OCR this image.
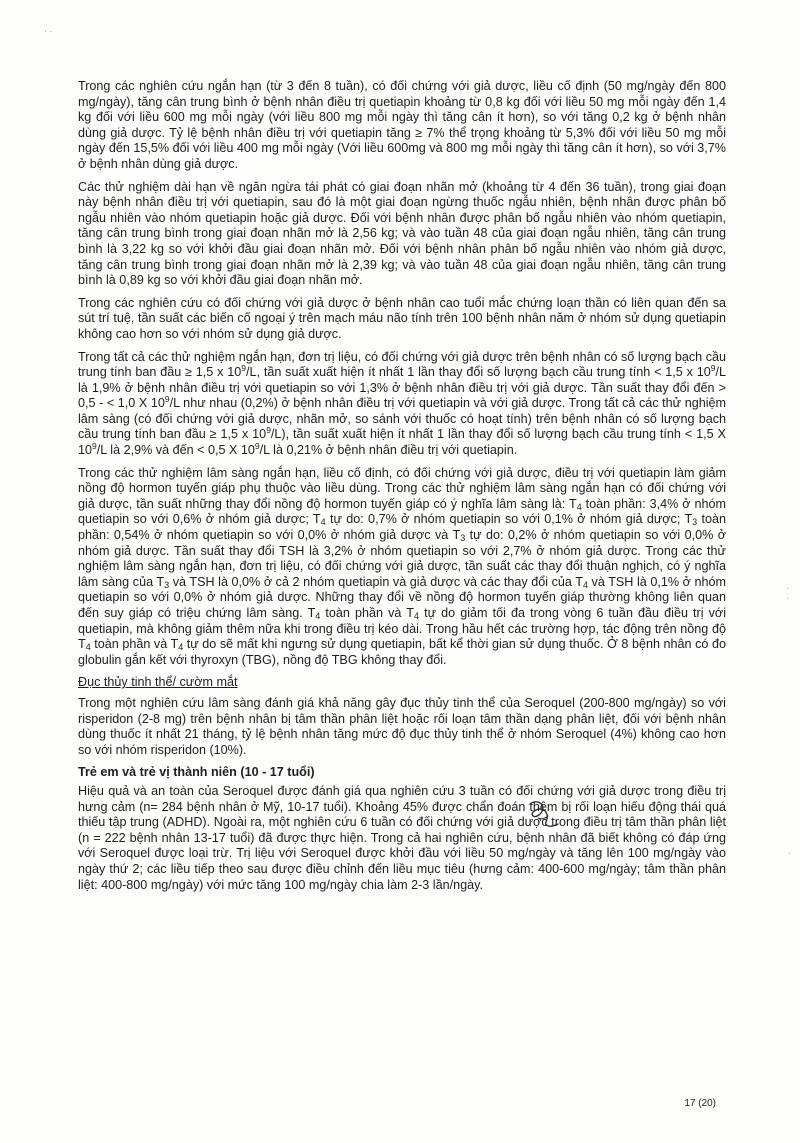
Trong các nghiên cứu ngắn hạn (từ 3 đến 8 tuần), có đối chứng với giả dược, liều cố định (50 mg/ngày đến 800 mg/ngày), tăng cân trung bình ở bệnh nhân điều trị quetiapin khoảng từ 0,8 kg đối với liều 50 mg mỗi ngày đến 1,4 kg đối với liều 600 mg mỗi ngày (với liều 800 mg mỗi ngày thì tăng cân ít hơn), so với tăng 0,2 kg ở bệnh nhân dùng giả dược. Tỷ lệ bệnh nhân điều trị với quetiapin tăng ≥ 7% thể trọng khoảng từ 5,3% đối với liều 50 mg mỗi ngày đến 15,5% đối với liều 400 mg mỗi ngày (Với liều 600mg và 800 mg mỗi ngày thì tăng cân ít hơn), so với 3,7% ở bệnh nhân dùng giả dược.

Các thử nghiệm dài hạn về ngăn ngừa tái phát có giai đoạn nhãn mở (khoảng từ 4 đến 36 tuần), trong giai đoạn này bệnh nhân điều trị với quetiapin, sau đó là một giai đoạn ngừng thuốc ngẫu nhiên, bệnh nhân được phân bố ngẫu nhiên vào nhóm quetiapin hoặc giả dược. Đối với bệnh nhân được phân bố ngẫu nhiên vào nhóm quetiapin, tăng cân trung bình trong giai đoạn nhãn mở là 2,56 kg; và vào tuần 48 của giai đoạn ngẫu nhiên, tăng cân trung bình là 3,22 kg so với khởi đầu giai đoạn nhãn mở. Đối với bệnh nhân phân bố ngẫu nhiên vào nhóm giả dược, tăng cân trung bình trong giai đoạn nhãn mở là 2,39 kg; và vào tuần 48 của giai đoạn ngẫu nhiên, tăng cân trung bình là 0,89 kg so với khởi đầu giai đoạn nhãn mở.

Trong các nghiên cứu có đối chứng với giả dược ở bệnh nhân cao tuổi mắc chứng loạn thần có liên quan đến sa sút trí tuệ, tần suất các biến cố ngoại ý trên mạch máu não tính trên 100 bệnh nhân năm ở nhóm sử dụng quetiapin không cao hơn so với nhóm sử dụng giả dược.

Trong tất cả các thử nghiệm ngắn hạn, đơn trị liệu, có đối chứng với giả dược trên bệnh nhân có số lượng bạch cầu trung tính ban đầu ≥ 1,5 x $10^9/L$, tần suất xuất hiện ít nhất 1 lần thay đổi số lượng bạch cầu trung tính < 1,5 x $10^9/L$ là 1,9% ở bệnh nhân điều trị với quetiapin so với 1,3% ở bệnh nhân điều trị với giả dược. Tần suất thay đổi đến > 0,5 - < 1,0 X $10^9/L$ như nhau (0,2%) ở bệnh nhân điều trị với quetiapin và với giả dược. Trong tất cả các thử nghiệm lâm sàng (có đối chứng với giả dược, nhãn mở, so sánh với thuốc có hoạt tính) trên bệnh nhân có số lượng bạch cầu trung tính ban đầu ≥ 1,5 x $10^9/L$), tần suất xuất hiện ít nhất 1 lần thay đổi số lượng bạch cầu trung tính < 1,5 X $10^9/L$ là 2,9% và đến < 0,5 X $10^9/L$ là 0,21% ở bệnh nhân điều trị với quetiapin.

Trong các thử nghiệm lâm sàng ngắn hạn, liều cố định, có đối chứng với giả dược, điều trị với quetiapin làm giảm nồng độ hormon tuyến giáp phụ thuộc vào liều dùng. Trong các thử nghiệm lâm sàng ngắn hạn có đối chứng với giả dược, tần suất những thay đổi nồng độ hormon tuyến giáp có ý nghĩa lâm sàng là: $T_4$ toàn phần: 3,4% ở nhóm quetiapin so với 0,6% ở nhóm giả dược; $T_4$ tự do: 0,7% ở nhóm quetiapin so với 0,1% ở nhóm giả dược; $T_3$ toàn phần: 0,54% ở nhóm quetiapin so với 0,0% ở nhóm giả dược và $T_3$ tự do: 0,2% ở nhóm quetiapin so với 0,0% ở nhóm giả dược. Tần suất thay đổi TSH là 3,2% ở nhóm quetiapin so với 2,7% ở nhóm giả dược. Trong các thử nghiệm lâm sàng ngắn hạn, đơn trị liệu, có đối chứng với giả dược, tần suất các thay đổi thuận nghịch, có ý nghĩa lâm sàng của $T_3$ và TSH là 0,0% ở cả 2 nhóm quetiapin và giả dược và các thay đổi của $T_4$ và TSH là 0,1% ở nhóm quetiapin so với 0,0% ở nhóm giả dược. Những thay đổi về nồng độ hormon tuyến giáp thường không liên quan đến suy giáp có triệu chứng lâm sàng. $T_4$ toàn phần và $T_4$ tự do giảm tối đa trong vòng 6 tuần đầu điều trị với quetiapin, mà không giảm thêm nữa khi trong điều trị kéo dài. Trong hầu hết các trường hợp, tác động trên nồng độ $T_4$ toàn phần và $T_4$ tự do sẽ mất khi ngưng sử dụng quetiapin, bất kể thời gian sử dụng thuốc. Ở 8 bệnh nhân có đo globulin gắn kết với thyroxyn (TBG), nồng độ TBG không thay đổi.

Đục thủy tinh thể/ cườm mắt

Trong một nghiên cứu lâm sàng đánh giá khả năng gây đục thủy tinh thể của Seroquel (200-800 mg/ngày) so với risperidon (2-8 mg) trên bệnh nhân bị tâm thần phân liệt hoặc rối loạn tâm thần dạng phân liệt, đối với bệnh nhân dùng thuốc ít nhất 21 tháng, tỷ lệ bệnh nhân tăng mức độ đục thủy tinh thể ở nhóm Seroquel (4%) không cao hơn so với nhóm risperidon (10%).

Trẻ em và trẻ vị thành niên (10 - 17 tuổi)

Hiệu quả và an toàn của Seroquel được đánh giá qua nghiên cứu 3 tuần có đối chứng với giả dược trong điều trị hưng cảm (n= 284 bệnh nhân ở Mỹ, 10-17 tuổi). Khoảng 45% được chẩn đoán thêm bị rối loạn hiếu động thái quá thiếu tập trung (ADHD). Ngoài ra, một nghiên cứu 6 tuần có đối chứng với giả dược trong điều trị tâm thần phân liệt (n = 222 bệnh nhân 13-17 tuổi) đã được thực hiện. Trong cả hai nghiên cứu, bệnh nhân đã biết không có đáp ứng với Seroquel được loại trừ. Trị liệu với Seroquel được khởi đầu với liều 50 mg/ngày và tăng lên 100 mg/ngày vào ngày thứ 2; các liều tiếp theo sau được điều chỉnh đến liều mục tiêu (hưng cảm: 400-600 mg/ngày; tâm thần phân liệt: 400-800 mg/ngày) với mức tăng 100 mg/ngày chia làm 2-3 lần/ngày.

17 (20)
· ·
·
·
·
